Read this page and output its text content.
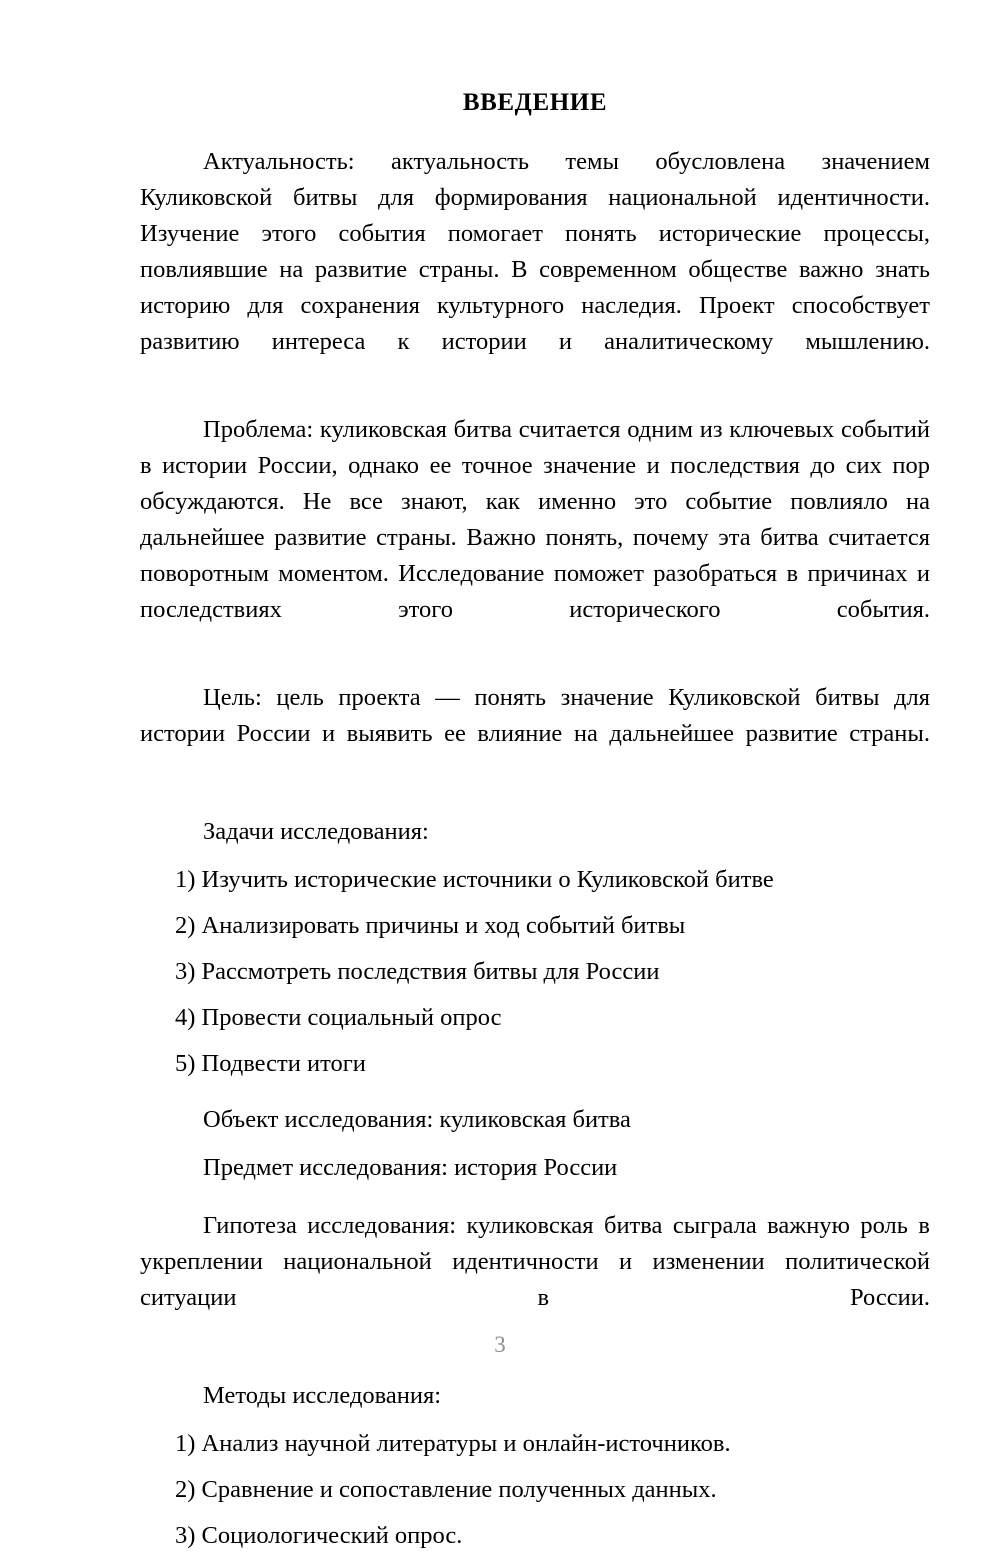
ВВЕДЕНИЕ

Актуальность: актуальность темы обусловлена значением Куликовской битвы для формирования национальной идентичности. Изучение этого события помогает понять исторические процессы, повлиявшие на развитие страны. В современном обществе важно знать историю для сохранения культурного наследия. Проект способствует развитию интереса к истории и аналитическому мышлению.

Проблема: куликовская битва считается одним из ключевых событий в истории России, однако ее точное значение и последствия до сих пор обсуждаются. Не все знают, как именно это событие повлияло на дальнейшее развитие страны. Важно понять, почему эта битва считается поворотным моментом. Исследование поможет разобраться в причинах и последствиях этого исторического события.

Цель: цель проекта — понять значение Куликовской битвы для истории России и выявить ее влияние на дальнейшее развитие страны.

Задачи исследования:

1) Изучить исторические источники о Куликовской битве
2) Анализировать причины и ход событий битвы
3) Рассмотреть последствия битвы для России
4) Провести социальный опрос
5) Подвести итоги

Объект исследования: куликовская битва

Предмет исследования: история России

Гипотеза исследования: куликовская битва сыграла важную роль в укреплении национальной идентичности и изменении политической ситуации в России.

Методы исследования:

1) Анализ научной литературы и онлайн-источников.
2) Сравнение и сопоставление полученных данных.
3) Социологический опрос.
3
